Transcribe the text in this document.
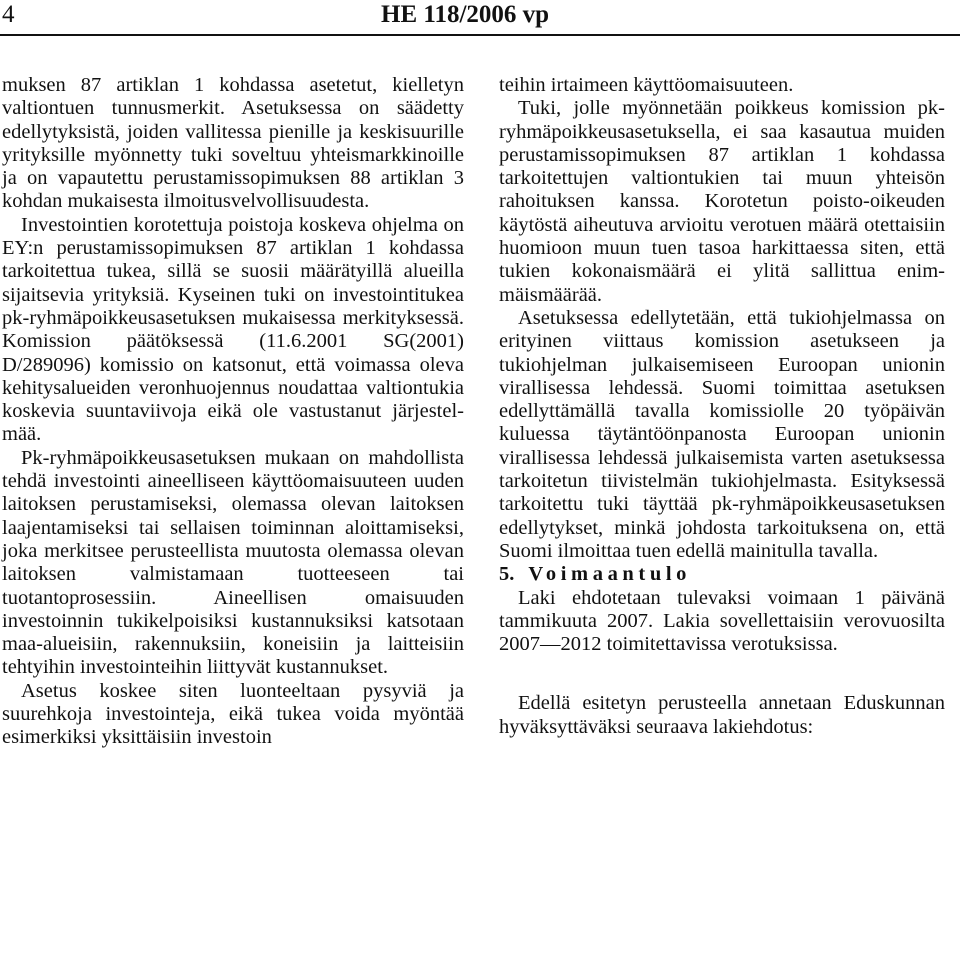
4	HE 118/2006 vp

muksen 87 artiklan 1 kohdassa asetetut, kielletyn valtiontuen tunnusmerkit. Asetuksessa on säädetty edellytyksistä, joiden vallitessa pienille ja keskisuurille yrityksille myönnetty tuki soveltuu yhteismarkkinoille ja on vapautettu perustamissopimuksen 88 artiklan 3 kohdan mukaisesta ilmoitusvelvollisuudesta.

Investointien korotettuja poistoja koskeva ohjelma on EY:n perustamissopimuksen 87 artiklan 1 kohdassa tarkoitettua tukea, sillä se suosii määrätyillä alueilla sijaitsevia yrityksiä. Kyseinen tuki on investointitukea pk-ryhmäpoikkeusasetuksen mukaisessa merkityksessä. Komission päätöksessä (11.6.2001 SG(2001) D/289096) komissio on katsonut, että voimassa oleva kehitysalueiden veronhuojennus noudattaa valtiontukia koskevia suuntaviivoja eikä ole vastustanut järjestelmää.

Pk-ryhmäpoikkeusasetuksen mukaan on mahdollista tehdä investointi aineelliseen käyttöomaisuuteen uuden laitoksen perustamiseksi, olemassa olevan laitoksen laajentamiseksi tai sellaisen toiminnan aloittamiseksi, joka merkitsee perusteellista muutosta olemassa olevan laitoksen valmistamaan tuotteeseen tai tuotantoprosessiin. Aineellisen omaisuuden investoinnin tukikelpoisiksi kustannuksiksi katsotaan maa-alueisiin, rakennuksiin, koneisiin ja laitteisiin tehtyihin investointeihin liittyvät kustannukset.

Asetus koskee siten luonteeltaan pysyviä ja suurehkoja investointeja, eikä tukea voida myöntää esimerkiksi yksittäisiin investoin

teihin irtaimeen käyttöomaisuuteen.

Tuki, jolle myönnetään poikkeus komission pk-ryhmäpoikkeusasetuksella, ei saa kasautua muiden perustamissopimuksen 87 artiklan 1 kohdassa tarkoitettujen valtiontukien tai muun yhteisön rahoituksen kanssa. Korotetun poisto-oikeuden käytöstä aiheutuva arvioitu verotuen määrä otettaisiin huomioon muun tuen tasoa harkittaessa siten, että tukien kokonaismäärä ei ylitä sallittua enimmäismäärää.

Asetuksessa edellytetään, että tukiohjelmassa on erityinen viittaus komission asetukseen ja tukiohjelman julkaisemiseen Euroopan unionin virallisessa lehdessä. Suomi toimittaa asetuksen edellyttämällä tavalla komissiolle 20 työpäivän kuluessa täytäntöönpanosta Euroopan unionin virallisessa lehdessä julkaisemista varten asetuksessa tarkoitetun tiivistelmän tukiohjelmasta. Esityksessä tarkoitettu tuki täyttää pk-ryhmäpoikkeusasetuksen edellytykset, minkä johdosta tarkoituksena on, että Suomi ilmoittaa tuen edellä mainitulla tavalla.

5. Voimaantulo

Laki ehdotetaan tulevaksi voimaan 1 päivänä tammikuuta 2007. Lakia sovellettaisiin verovuosilta 2007—2012 toimitettavissa verotuksissa.

Edellä esitetyn perusteella annetaan Eduskunnan hyväksyttäväksi seuraava lakiehdotus:
